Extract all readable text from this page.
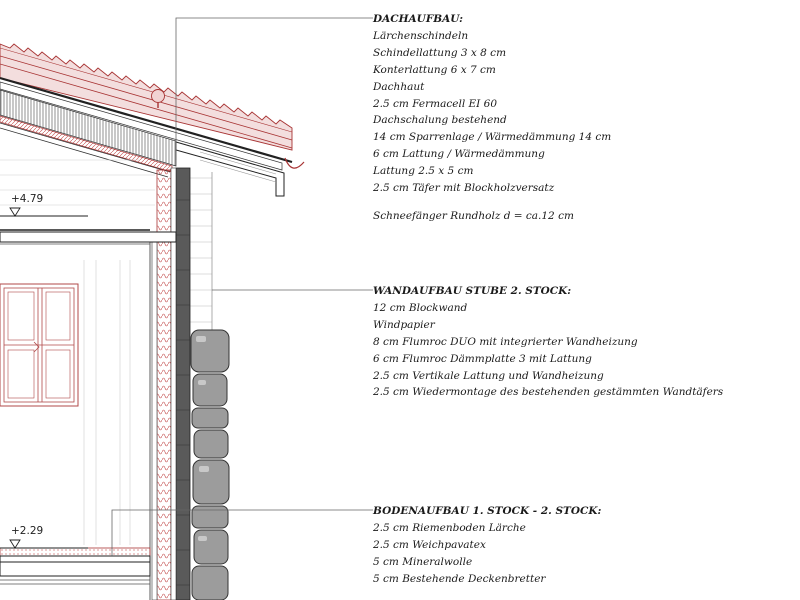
+4.79
+2.29
DACHAUFBAU:
Lärchenschindeln
Schindellattung 3 x 8 cm
Konterlattung 6 x 7 cm
Dachhaut
2.5 cm Fermacell EI 60
Dachschalung bestehend
14 cm Sparrenlage / Wärmedämmung 14 cm
6 cm Lattung / Wärmedämmung
Lattung 2.5 x 5 cm
2.5 cm Täfer mit Blockholzversatz
Schneefänger Rundholz d = ca.12 cm
WANDAUFBAU STUBE 2. STOCK:
12 cm Blockwand
Windpapier
8 cm Flumroc DUO mit integrierter Wandheizung
6 cm Flumroc Dämmplatte 3 mit Lattung
2.5 cm Vertikale Lattung und Wandheizung
2.5 cm Wiedermontage des bestehenden gestämmten Wandtäfers
BODENAUFBAU 1. STOCK - 2. STOCK:
2.5 cm Riemenboden Lärche
2.5 cm Weichpavatex
5 cm Mineralwolle
5 cm Bestehende Deckenbretter
